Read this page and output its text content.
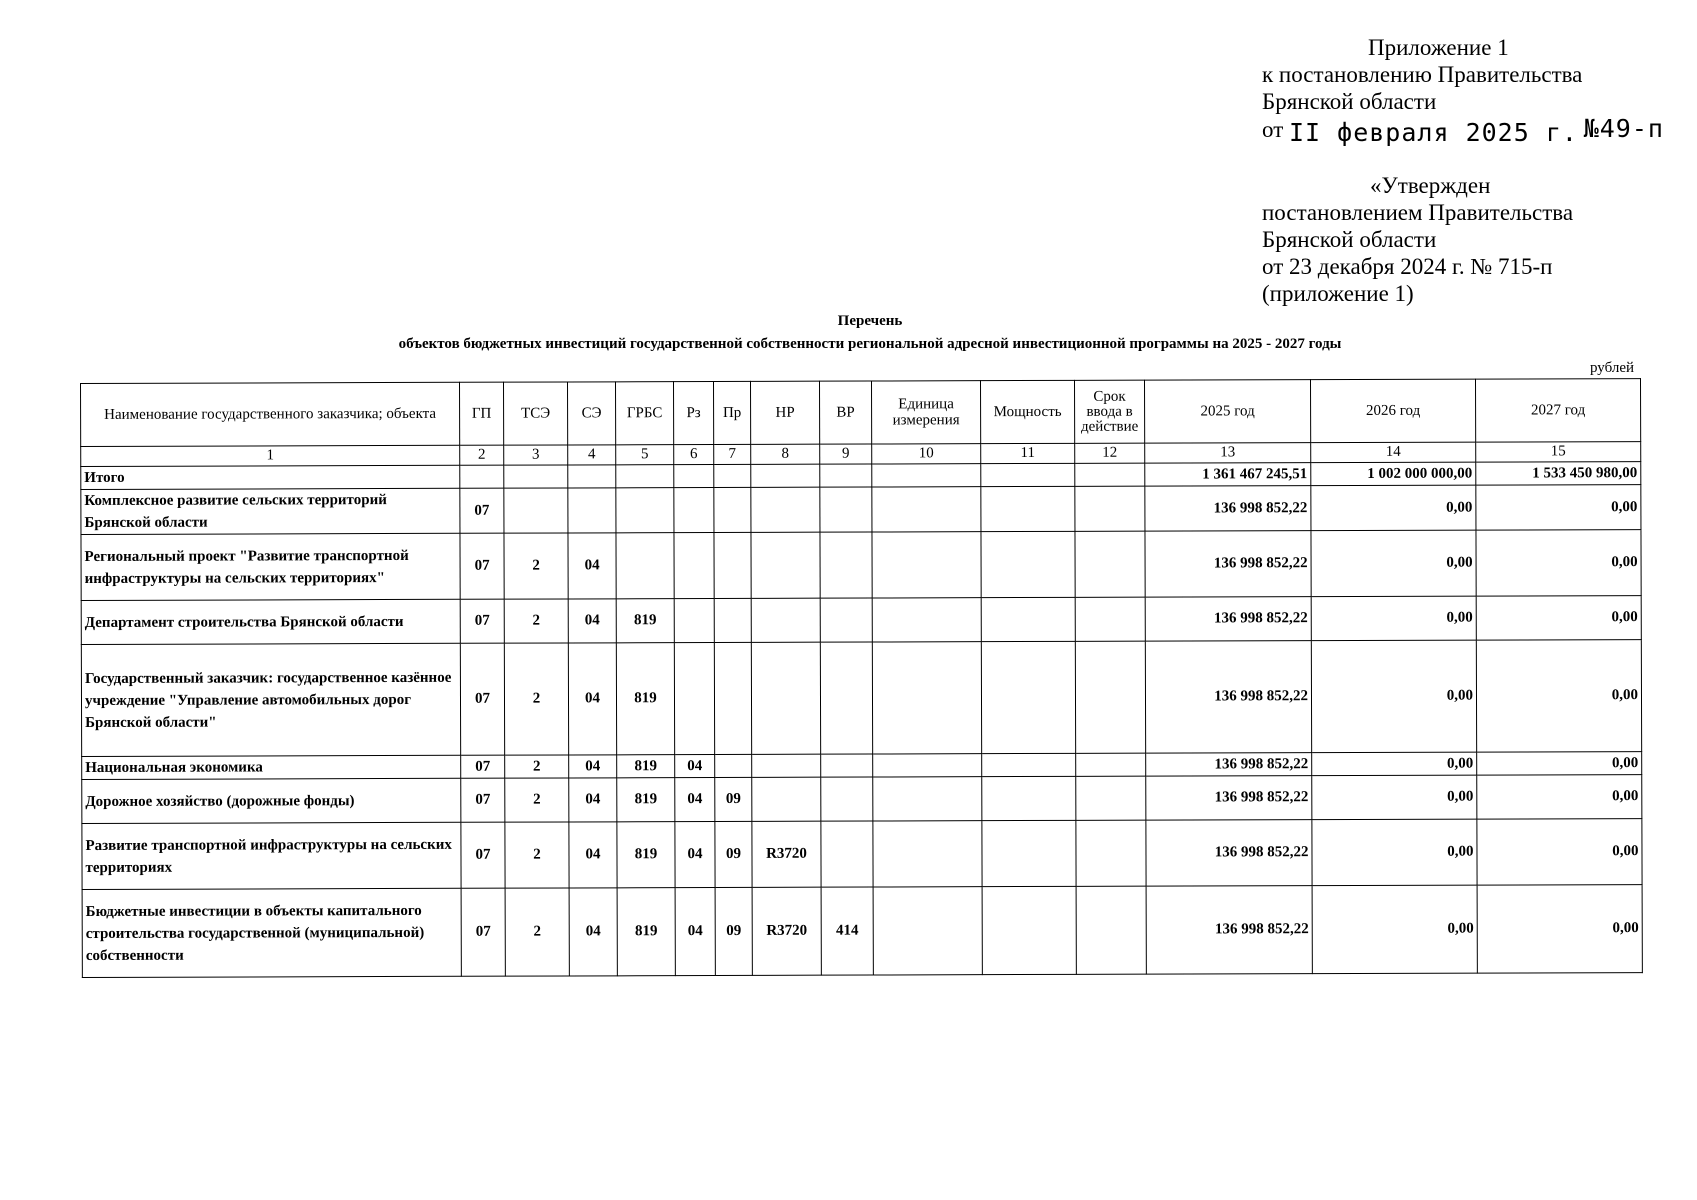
Приложение 1
к постановлению Правительства
Брянской области
от II февраля 2025 г. №49-п
«Утвержден
постановлением Правительства
Брянской области
от 23 декабря 2024 г. № 715-п
(приложение 1)
Перечень
объектов бюджетных инвестиций государственной собственности региональной адресной инвестиционной программы на 2025 - 2027 годы
рублей
Наименование государственного заказчика; объекта	ГП	ТСЭ	СЭ	ГРБС	Рз	Пр	НР	ВР	Единица измерения	Мощность	Срок ввода в действие	2025 год	2026 год	2027 год
1	2	3	4	5	6	7	8	9	10	11	12	13	14	15
Итого												1 361 467 245,51	1 002 000 000,00	1 533 450 980,00
Комплексное развитие сельских территорий Брянской области	07											136 998 852,22	0,00	0,00
Региональный проект "Развитие транспортной инфраструктуры на сельских территориях"	07	2	04									136 998 852,22	0,00	0,00
Департамент строительства Брянской области	07	2	04	819								136 998 852,22	0,00	0,00
Государственный заказчик: государственное казённое учреждение "Управление автомобильных дорог Брянской области"	07	2	04	819								136 998 852,22	0,00	0,00
Национальная экономика	07	2	04	819	04							136 998 852,22	0,00	0,00
Дорожное хозяйство (дорожные фонды)	07	2	04	819	04	09						136 998 852,22	0,00	0,00
Развитие транспортной инфраструктуры на сельских территориях	07	2	04	819	04	09	R3720					136 998 852,22	0,00	0,00
Бюджетные инвестиции в объекты капитального строительства государственной (муниципальной) собственности	07	2	04	819	04	09	R3720	414				136 998 852,22	0,00	0,00
